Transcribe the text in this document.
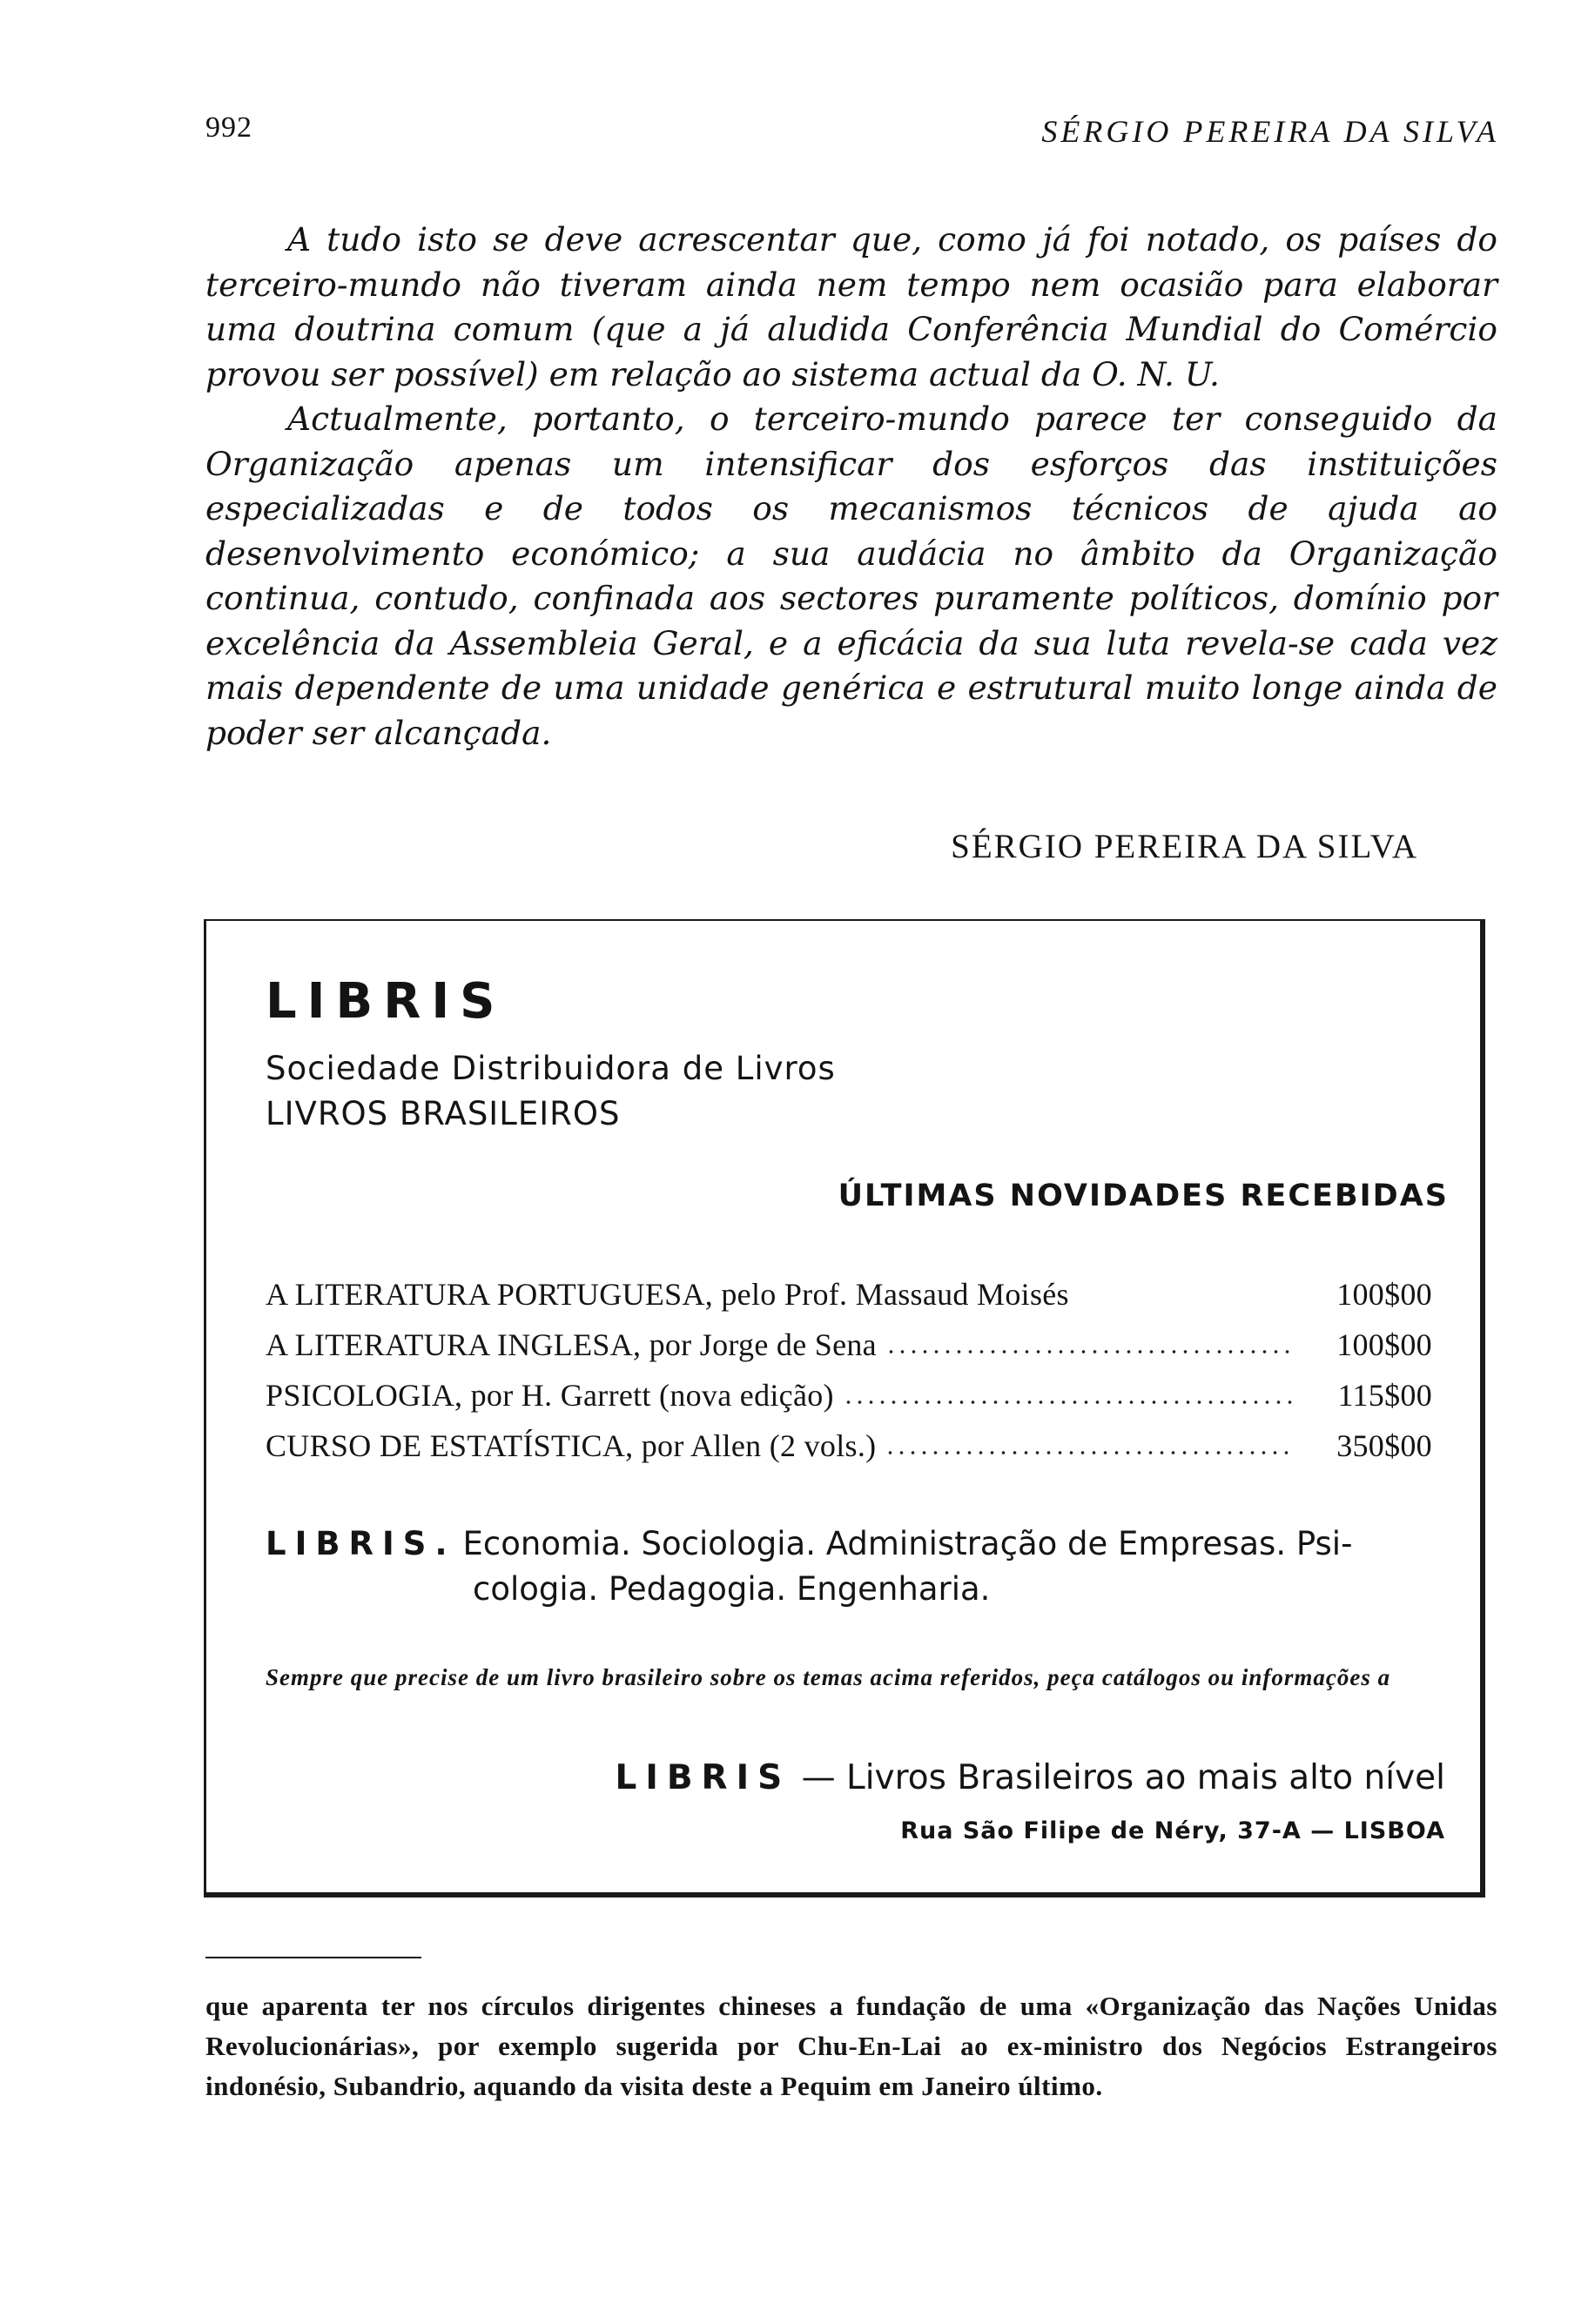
992	SÉRGIO PEREIRA DA SILVA

A tudo isto se deve acrescentar que, como já foi notado, os países do terceiro-mundo não tiveram ainda nem tempo nem ocasião para elaborar uma doutrina comum (que a já aludida Conferência Mundial do Comércio provou ser possível) em relação ao sistema actual da O. N. U.

Actualmente, portanto, o terceiro-mundo parece ter conseguido da Organização apenas um intensificar dos esforços das instituições especializadas e de todos os mecanismos técnicos de ajuda ao desenvolvimento económico; a sua audácia no âmbito da Organização continua, contudo, confinada aos sectores puramente políticos, domínio por excelência da Assembleia Geral, e a eficácia da sua luta revela-se cada vez mais dependente de uma unidade genérica e estrutural muito longe ainda de poder ser alcançada.

SÉRGIO PEREIRA DA SILVA
LIBRIS
Sociedade Distribuidora de Livros
LIVROS BRASILEIROS
ÚLTIMAS NOVIDADES RECEBIDAS
A LITERATURA PORTUGUESA, pelo Prof. Massaud Moisés	100$00
A LITERATURA INGLESA, por Jorge de Sena	100$00
PSICOLOGIA, por H. Garrett (nova edição)	115$00
CURSO DE ESTATÍSTICA, por Allen (2 vols.)	350$00
LIBRIS. Economia. Sociologia. Administração de Empresas. Psi-
cologia. Pedagogia. Engenharia.
Sempre que precise de um livro brasileiro sobre os temas acima referidos, peça catálogos ou informações a
LIBRIS — Livros Brasileiros ao mais alto nível
Rua São Filipe de Néry, 37-A — LISBOA
que aparenta ter nos círculos dirigentes chineses a fundação de uma «Organização das Nações Unidas Revolucionárias», por exemplo sugerida por Chu-En-Lai ao ex-ministro dos Negócios Estrangeiros indonésio, Subandrio, aquando da visita deste a Pequim em Janeiro último.
